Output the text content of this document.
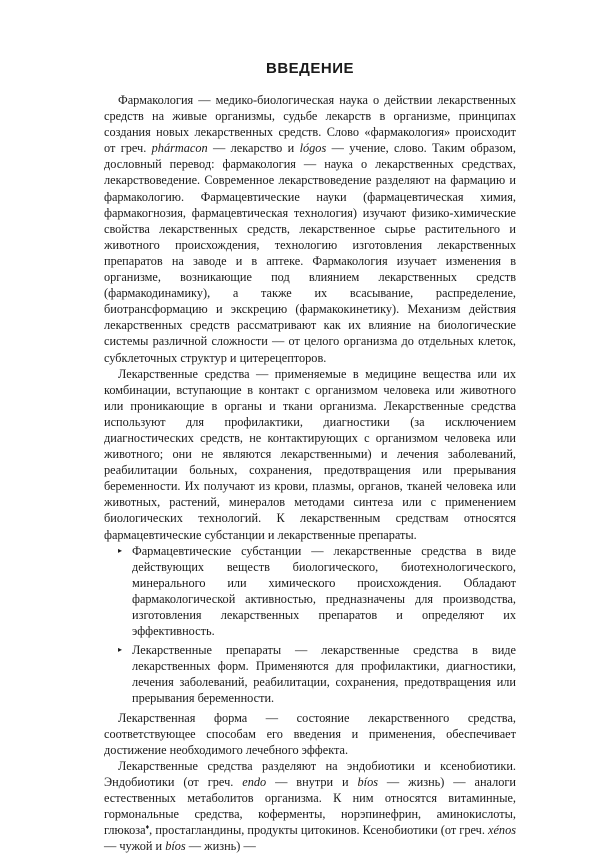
ВВЕДЕНИЕ

Фармакология — медико-биологическая наука о действии лекарственных средств на живые организмы, судьбе лекарств в организме, принципах создания новых лекарственных средств. Слово «фармакология» происходит от греч. phármacon — лекарство и lógos — учение, слово. Таким образом, дословный перевод: фармакология — наука о лекарственных средствах, лекарствоведение. Современное лекарствоведение разделяют на фармацию и фармакологию. Фармацевтические науки (фармацевтическая химия, фармакогнозия, фармацевтическая технология) изучают физико-химические свойства лекарственных средств, лекарственное сырье растительного и животного происхождения, технологию изготовления лекарственных препаратов на заводе и в аптеке. Фармакология изучает изменения в организме, возникающие под влиянием лекарственных средств (фармакодинамику), а также их всасывание, распределение, биотрансформацию и экскрецию (фармакокинетику). Механизм действия лекарственных средств рассматривают как их влияние на биологические системы различной сложности — от целого организма до отдельных клеток, субклеточных структур и цитерецепторов.

Лекарственные средства — применяемые в медицине вещества или их комбинации, вступающие в контакт с организмом человека или животного или проникающие в органы и ткани организма. Лекарственные средства используют для профилактики, диагностики (за исключением диагностических средств, не контактирующих с организмом человека или животного; они не являются лекарственными) и лечения заболеваний, реабилитации больных, сохранения, предотвращения или прерывания беременности. Их получают из крови, плазмы, органов, тканей человека или животных, растений, минералов методами синтеза или с применением биологических технологий. К лекарственным средствам относятся фармацевтические субстанции и лекарственные препараты.

▸ Фармацевтические субстанции — лекарственные средства в виде действующих веществ биологического, биотехнологического, минерального или химического происхождения. Обладают фармакологической активностью, предназначены для производства, изготовления лекарственных препаратов и определяют их эффективность.
▸ Лекарственные препараты — лекарственные средства в виде лекарственных форм. Применяются для профилактики, диагностики, лечения заболеваний, реабилитации, сохранения, предотвращения или прерывания беременности.

Лекарственная форма — состояние лекарственного средства, соответствующее способам его введения и применения, обеспечивает достижение необходимого лечебного эффекта.

Лекарственные средства разделяют на эндобиотики и ксенобиотики. Эндобиотики (от греч. endo — внутри и bíos — жизнь) — аналоги естественных метаболитов организма. К ним относятся витаминные, гормональные средства, коферменты, норэпинефрин, аминокислоты, глюкоза♦, простагландины, продукты цитокинов. Ксенобиотики (от греч. xénos — чужой и bíos — жизнь) —
